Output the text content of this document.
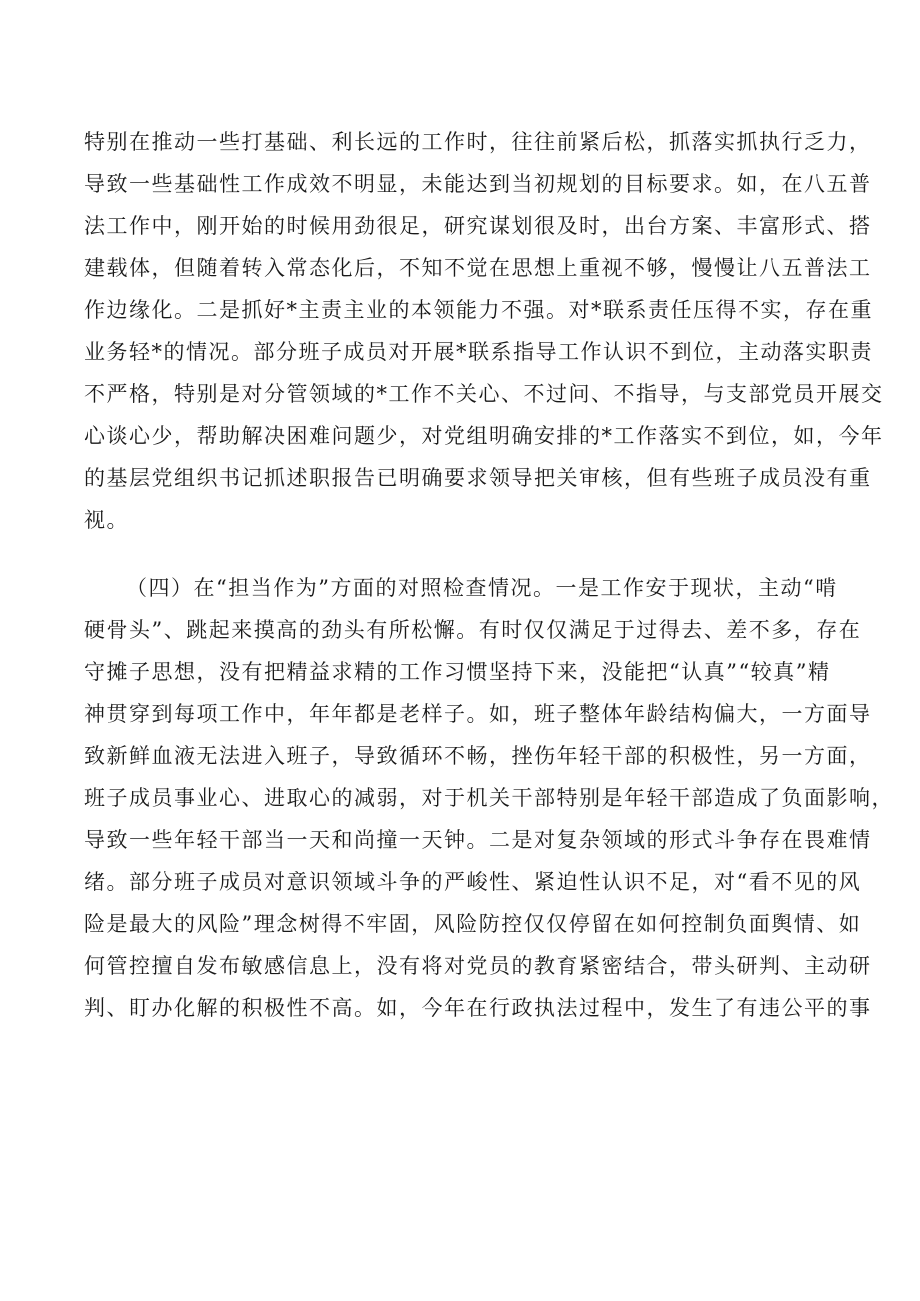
特别在推动一些打基础、利长远的工作时，往往前紧后松，抓落实抓执行乏力，
导致一些基础性工作成效不明显，未能达到当初规划的目标要求。如，在八五普
法工作中，刚开始的时候用劲很足，研究谋划很及时，出台方案、丰富形式、搭
建载体，但随着转入常态化后，不知不觉在思想上重视不够，慢慢让八五普法工
作边缘化。二是抓好*主责主业的本领能力不强。对*联系责任压得不实，存在重
业务轻*的情况。部分班子成员对开展*联系指导工作认识不到位，主动落实职责
不严格，特别是对分管领域的*工作不关心、不过问、不指导，与支部党员开展交
心谈心少，帮助解决困难问题少，对党组明确安排的*工作落实不到位，如，今年
的基层党组织书记抓述职报告已明确要求领导把关审核，但有些班子成员没有重
视。
（四）在“担当作为”方面的对照检查情况。一是工作安于现状，主动“啃
硬骨头”、跳起来摸高的劲头有所松懈。有时仅仅满足于过得去、差不多，存在
守摊子思想，没有把精益求精的工作习惯坚持下来，没能把“认真”“较真”精
神贯穿到每项工作中，年年都是老样子。如，班子整体年龄结构偏大，一方面导
致新鲜血液无法进入班子，导致循环不畅，挫伤年轻干部的积极性，另一方面，
班子成员事业心、进取心的减弱，对于机关干部特别是年轻干部造成了负面影响，
导致一些年轻干部当一天和尚撞一天钟。二是对复杂领域的形式斗争存在畏难情
绪。部分班子成员对意识领域斗争的严峻性、紧迫性认识不足，对“看不见的风
险是最大的风险”理念树得不牢固，风险防控仅仅停留在如何控制负面舆情、如
何管控擅自发布敏感信息上，没有将对党员的教育紧密结合，带头研判、主动研
判、盯办化解的积极性不高。如，今年在行政执法过程中，发生了有违公平的事
